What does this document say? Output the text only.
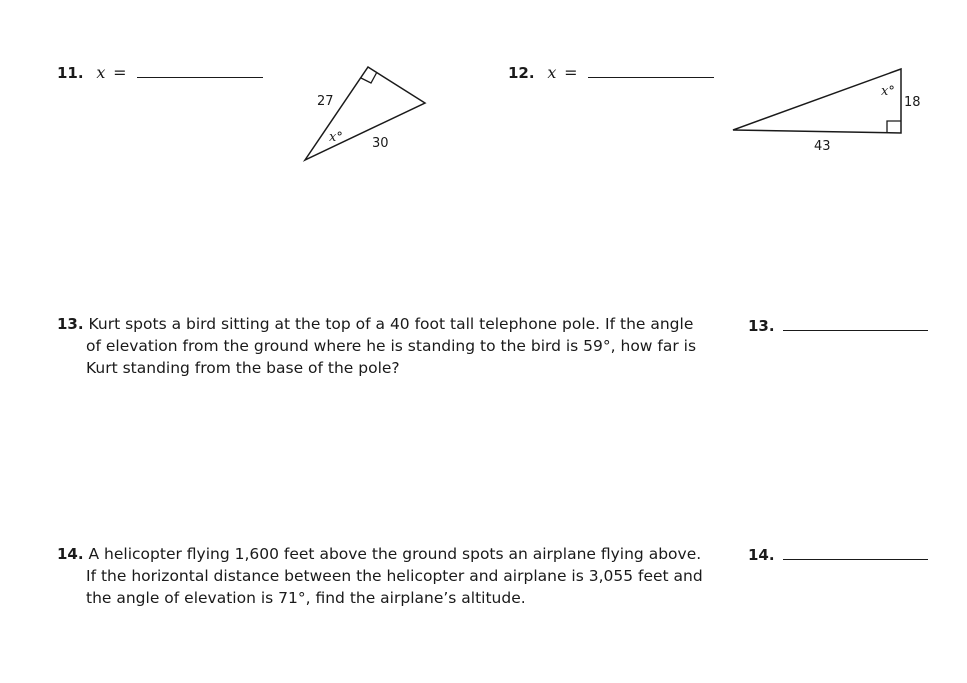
11. x =	12. x =
27
30
x°
18
43
x°
13. Kurt spots a bird sitting at the top of a 40 foot tall telephone pole. If the angle of elevation from the ground where he is standing to the bird is 59°, how far is Kurt standing from the base of the pole?
13.
14. A helicopter flying 1,600 feet above the ground spots an airplane flying above. If the horizontal distance between the helicopter and airplane is 3,055 feet and the angle of elevation is 71°, find the airplane’s altitude.
14.
